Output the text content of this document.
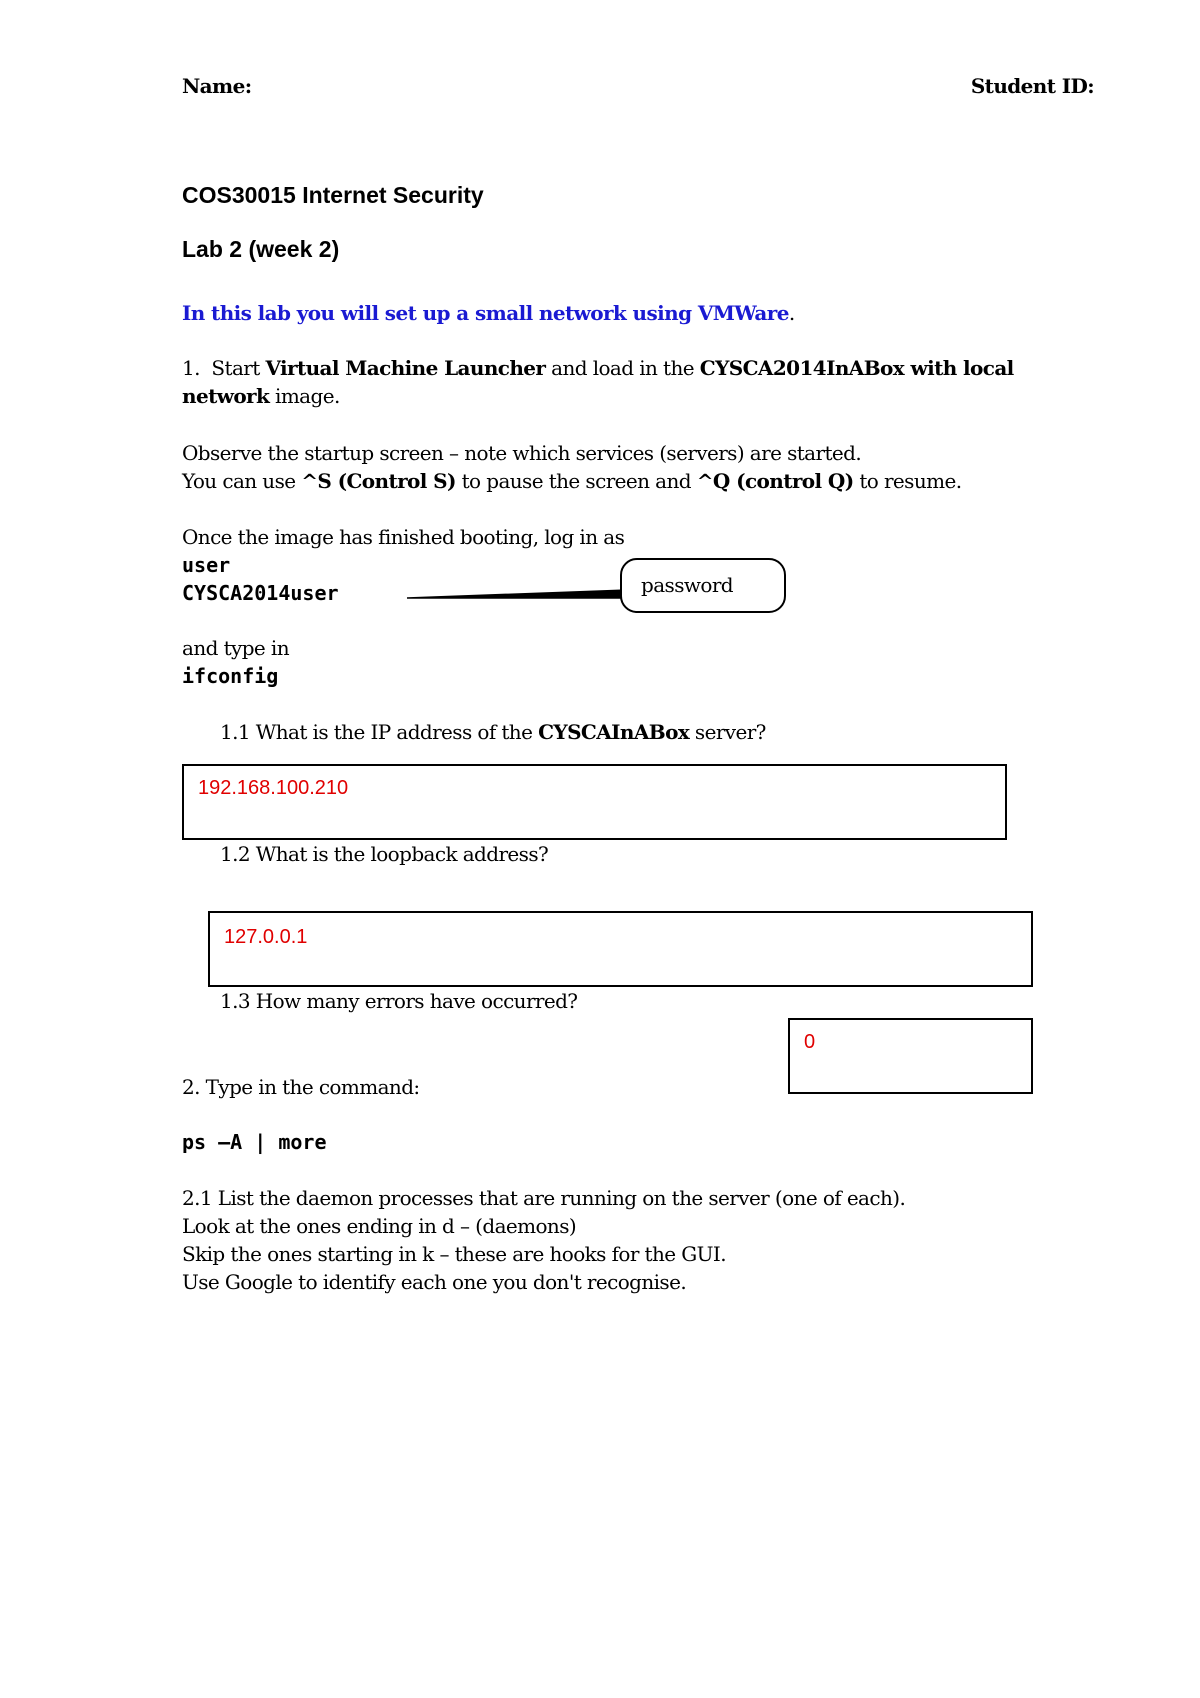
Name:	Student ID:
COS30015 Internet Security
Lab 2 (week 2)
In this lab you will set up a small network using VMWare.
1. Start Virtual Machine Launcher and load in the CYSCA2014InABox with local
network image.
Observe the startup screen – note which services (servers) are started.
You can use ^S (Control S) to pause the screen and ^Q (control Q) to resume.
Once the image has finished booting, log in as
user
CYSCA2014user	password
and type in
ifconfig
1.1 What is the IP address of the CYSCAInABox server?
192.168.100.210
1.2 What is the loopback address?
127.0.0.1
1.3 How many errors have occurred?
0
2. Type in the command:
ps –A | more
2.1 List the daemon processes that are running on the server (one of each).
Look at the ones ending in d – (daemons)
Skip the ones starting in k – these are hooks for the GUI.
Use Google to identify each one you don't recognise.
